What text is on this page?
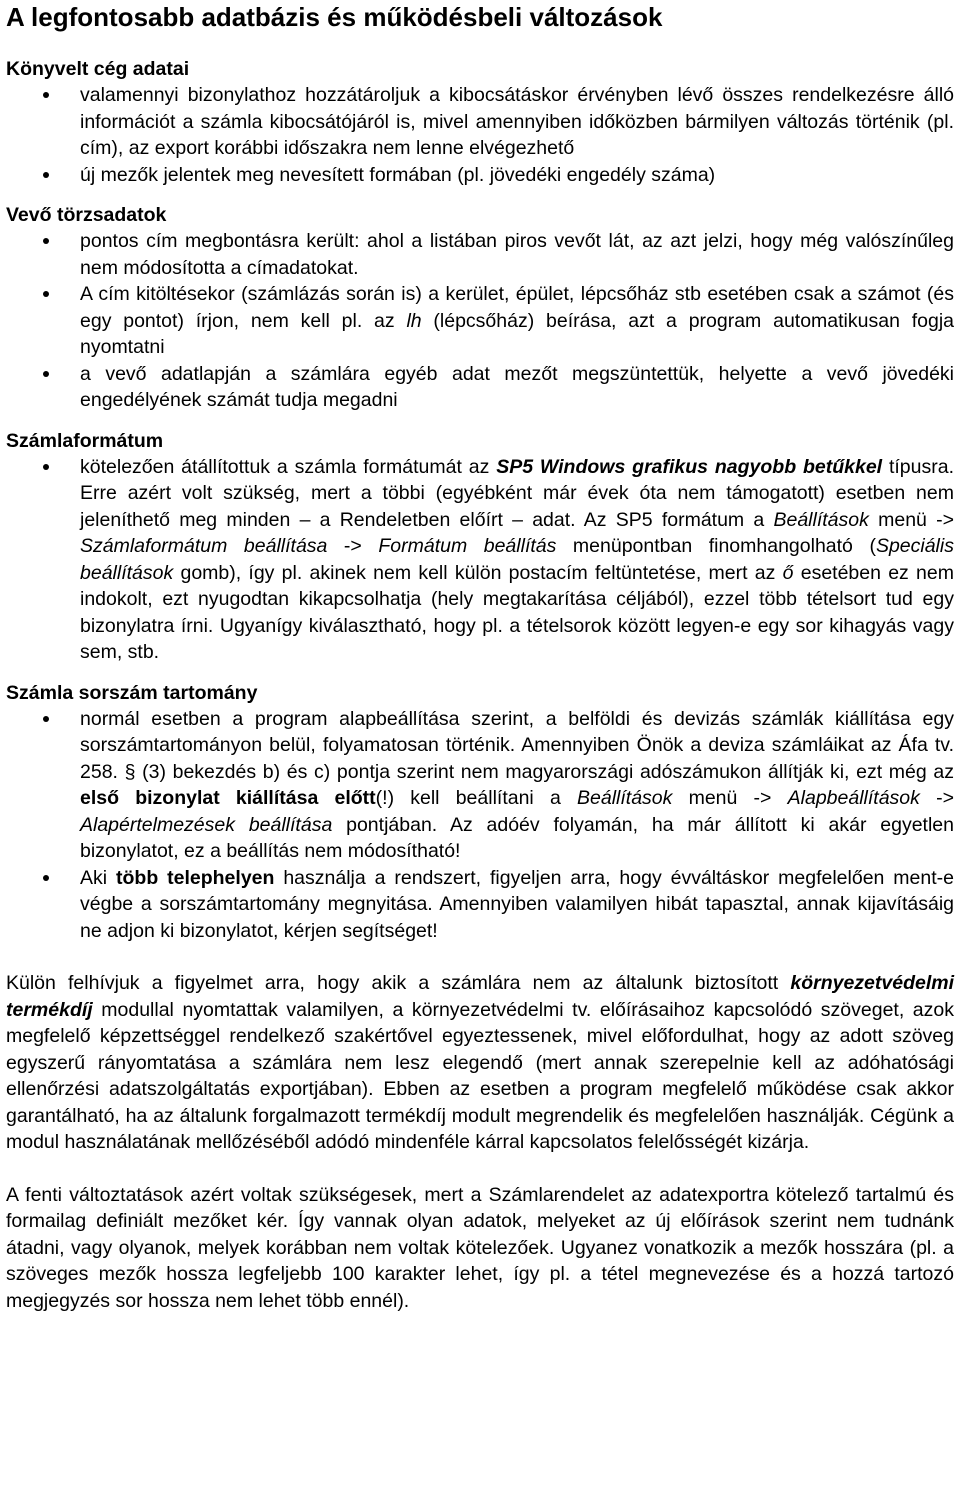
A legfontosabb adatbázis és működésbeli változások
Könyvelt cég adatai
valamennyi bizonylathoz hozzátároljuk a kibocsátáskor érvényben lévő összes rendelkezésre álló információt a számla kibocsátójáról is, mivel amennyiben időközben bármilyen változás történik (pl. cím), az export korábbi időszakra nem lenne elvégezhető
új mezők jelentek meg nevesített formában (pl. jövedéki engedély száma)
Vevő törzsadatok
pontos cím megbontásra került: ahol a listában piros vevőt lát, az azt jelzi, hogy még valószínűleg nem módosította a címadatokat.
A cím kitöltésekor (számlázás során is) a kerület, épület, lépcsőház stb esetében csak a számot (és egy pontot) írjon, nem kell pl. az lh (lépcsőház) beírása, azt a program automatikusan fogja nyomtatni
a vevő adatlapján a számlára egyéb adat mezőt megszüntettük, helyette a vevő jövedéki engedélyének számát tudja megadni
Számlaformátum
kötelezően átállítottuk a számla formátumát az SP5 Windows grafikus nagyobb betűkkel típusra. Erre azért volt szükség, mert a többi (egyébként már évek óta nem támogatott) esetben nem jeleníthető meg minden – a Rendeletben előírt – adat. Az SP5 formátum a Beállítások menü -> Számlaformátum beállítása -> Formátum beállítás menüpontban finomhangolható (Speciális beállítások gomb), így pl. akinek nem kell külön postacím feltüntetése, mert az ő esetében ez nem indokolt, ezt nyugodtan kikapcsolhatja (hely megtakarítása céljából), ezzel több tételsort tud egy bizonylatra írni. Ugyanígy kiválasztható, hogy pl. a tételsorok között legyen-e egy sor kihagyás vagy sem, stb.
Számla sorszám tartomány
normál esetben a program alapbeállítása szerint, a belföldi és devizás számlák kiállítása egy sorszámtartományon belül, folyamatosan történik. Amennyiben Önök a deviza számláikat az Áfa tv. 258. § (3) bekezdés b) és c) pontja szerint nem magyarországi adószámukon állítják ki, ezt még az első bizonylat kiállítása előtt(!) kell beállítani a Beállítások menü -> Alapbeállítások -> Alapértelmezések beállítása pontjában. Az adóév folyamán, ha már állított ki akár egyetlen bizonylatot, ez a beállítás nem módosítható!
Aki több telephelyen használja a rendszert, figyeljen arra, hogy évváltáskor megfelelően ment-e végbe a sorszámtartomány megnyitása. Amennyiben valamilyen hibát tapasztal, annak kijavításáig ne adjon ki bizonylatot, kérjen segítséget!

Külön felhívjuk a figyelmet arra, hogy akik a számlára nem az általunk biztosított környezetvédelmi termékdíj modullal nyomtattak valamilyen, a környezetvédelmi tv. előírásaihoz kapcsolódó szöveget, azok megfelelő képzettséggel rendelkező szakértővel egyeztessenek, mivel előfordulhat, hogy az adott szöveg egyszerű rányomtatása a számlára nem lesz elegendő (mert annak szerepelnie kell az adóhatósági ellenőrzési adatszolgáltatás exportjában). Ebben az esetben a program megfelelő működése csak akkor garantálható, ha az általunk forgalmazott termékdíj modult megrendelik és megfelelően használják. Cégünk a modul használatának mellőzéséből adódó mindenféle kárral kapcsolatos felelősségét kizárja.

A fenti változtatások azért voltak szükségesek, mert a Számlarendelet az adatexportra kötelező tartalmú és formailag definiált mezőket kér. Így vannak olyan adatok, melyeket az új előírások szerint nem tudnánk átadni, vagy olyanok, melyek korábban nem voltak kötelezőek. Ugyanez vonatkozik a mezők hosszára (pl. a szöveges mezők hossza legfeljebb 100 karakter lehet, így pl. a tétel megnevezése és a hozzá tartozó megjegyzés sor hossza nem lehet több ennél).
